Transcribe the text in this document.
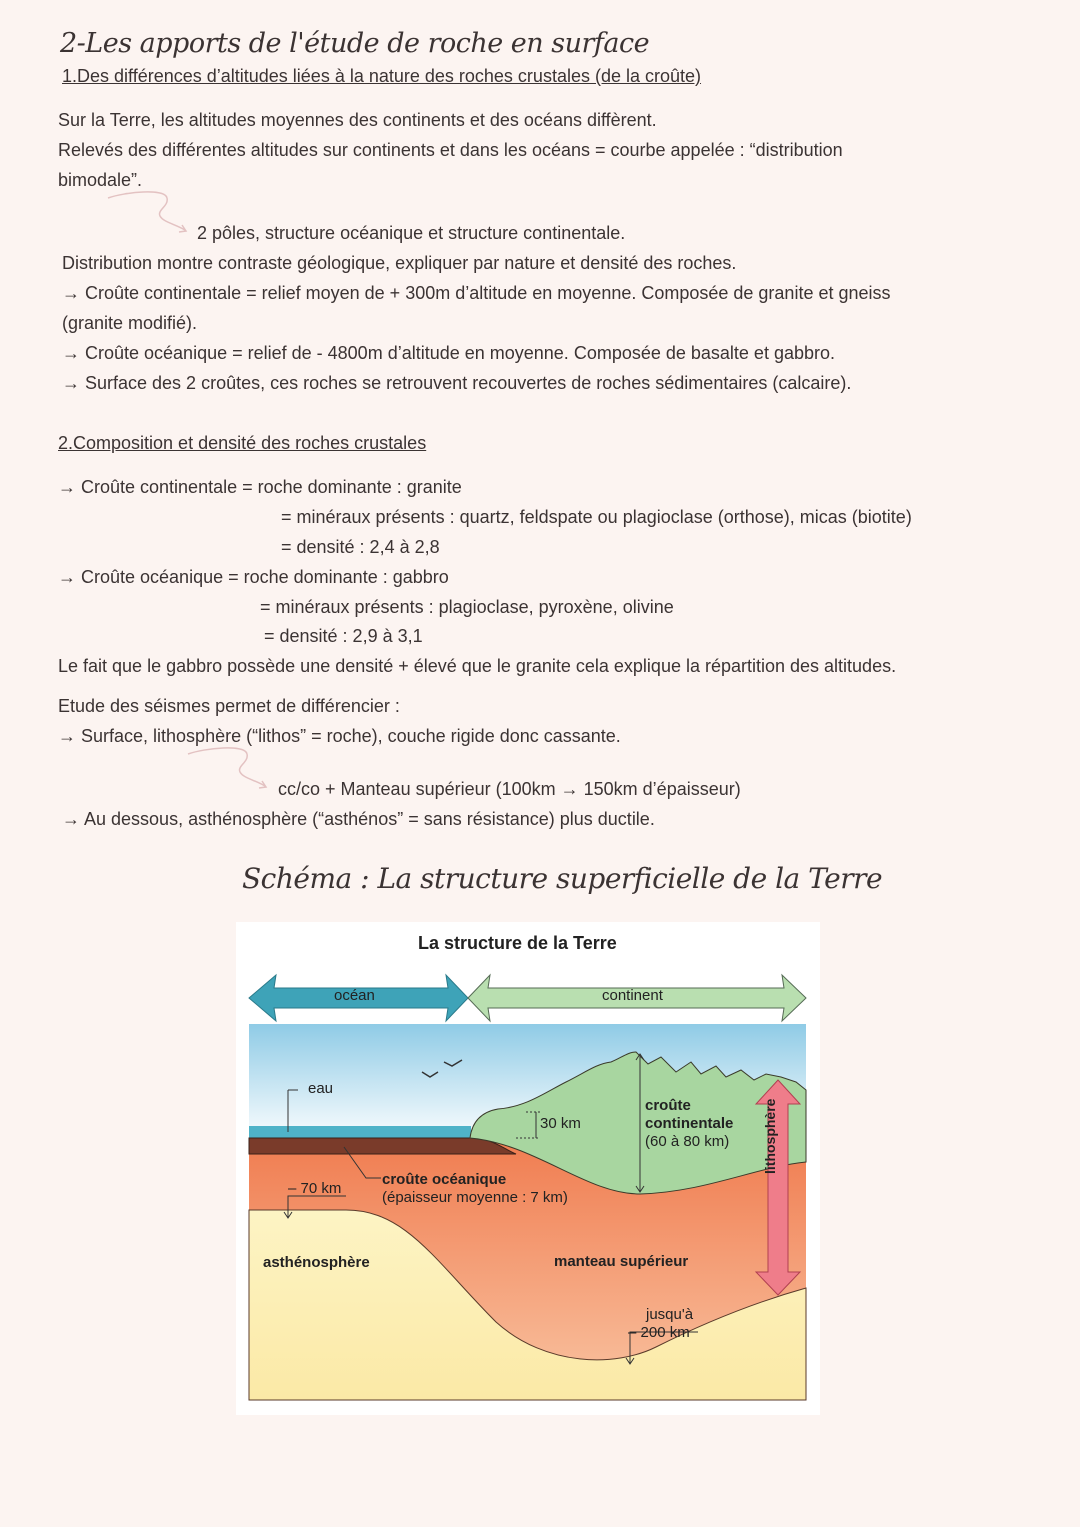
2-Les apports de l'étude de roche en surface
1.Des différences d’altitudes liées à la nature des roches crustales (de la croûte)
Sur la Terre, les altitudes moyennes des continents et des océans diffèrent.
Relevés des différentes altitudes sur continents et dans les océans = courbe appelée : “distribution
bimodale”.
2 pôles, structure océanique et structure continentale.
Distribution montre contraste géologique, expliquer par nature et densité des roches.
→ Croûte continentale = relief moyen de + 300m d’altitude en moyenne. Composée de granite et gneiss
(granite modifié).
→ Croûte océanique = relief de - 4800m d’altitude en moyenne. Composée de basalte et gabbro.
→ Surface des 2 croûtes, ces roches se retrouvent recouvertes de roches sédimentaires (calcaire).
2.Composition et densité des roches crustales
→ Croûte continentale = roche dominante : granite
= minéraux présents : quartz, feldspate ou plagioclase (orthose), micas (biotite)
= densité : 2,4 à 2,8
→ Croûte océanique = roche dominante : gabbro
= minéraux présents : plagioclase, pyroxène, olivine
= densité : 2,9 à 3,1
Le fait que le gabbro possède une densité + élevé que le granite cela explique la répartition des altitudes.
Etude des séismes permet de différencier :
→ Surface, lithosphère (“lithos” = roche), couche rigide donc cassante.
cc/co + Manteau supérieur (100km → 150km d’épaisseur)
→ Au dessous, asthénosphère (“asthénos” = sans résistance) plus ductile.
Schéma : La structure superficielle de la Terre
La structure de la Terre
océan	continent
eau
30 km
croûte
continentale
(60 à 80 km)
croûte océanique
(épaisseur moyenne : 7 km)
– 70 km
lithosphère
asthénosphère	manteau supérieur
jusqu'à
– 200 km
